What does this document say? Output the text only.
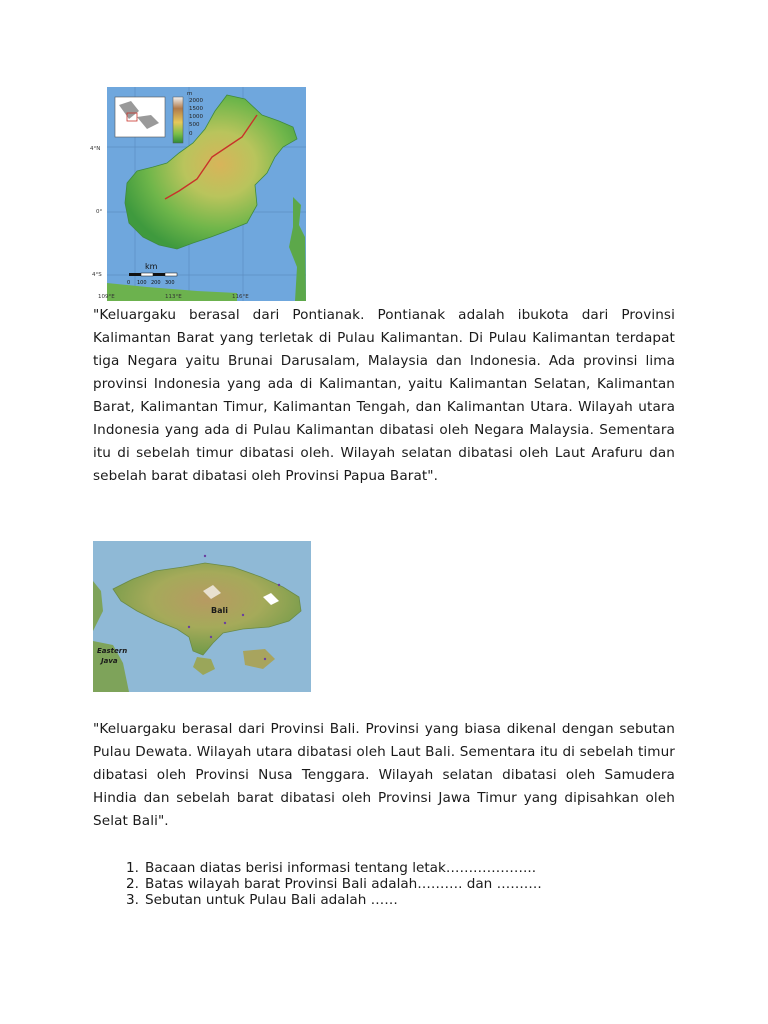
m
2000
1500
1000
500
0
km
0 100 200 300
4°N
0°
4°S
109°E	113°E	116°E

"Keluargaku berasal dari Pontianak. Pontianak adalah ibukota dari Provinsi Kalimantan Barat yang terletak di Pulau Kalimantan. Di Pulau Kalimantan terdapat tiga Negara yaitu Brunai Darusalam, Malaysia dan Indonesia. Ada provinsi lima provinsi Indonesia yang ada di Kalimantan, yaitu Kalimantan Selatan, Kalimantan Barat, Kalimantan Timur, Kalimantan Tengah, dan Kalimantan Utara. Wilayah utara Indonesia yang ada di Pulau Kalimantan dibatasi oleh Negara Malaysia. Sementara itu di sebelah timur dibatasi oleh. Wilayah selatan dibatasi oleh Laut Arafuru dan sebelah barat dibatasi oleh Provinsi Papua Barat".

Bali
Eastern Java

"Keluargaku berasal dari Provinsi Bali. Provinsi yang biasa dikenal dengan sebutan Pulau Dewata. Wilayah utara dibatasi oleh Laut Bali. Sementara itu di sebelah timur dibatasi oleh Provinsi Nusa Tenggara. Wilayah selatan dibatasi oleh Samudera Hindia dan sebelah barat dibatasi oleh Provinsi Jawa Timur yang dipisahkan oleh Selat Bali".

1. Bacaan diatas berisi informasi tentang letak………………..
2. Batas wilayah barat Provinsi Bali adalah………. dan ……….
3. Sebutan untuk Pulau Bali adalah ……
